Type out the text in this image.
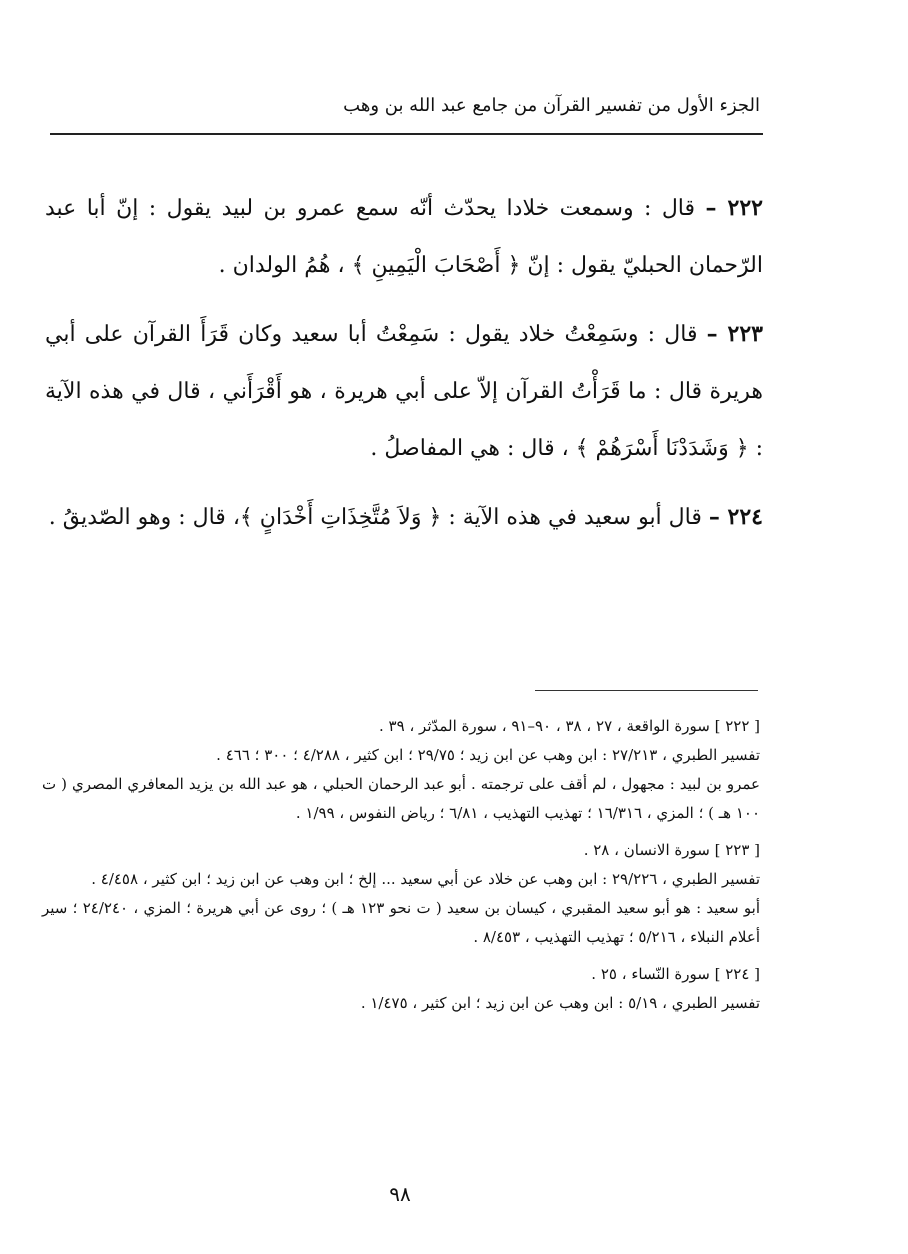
الجزء الأول من تفسير القرآن من جامع عبد الله بن وهب

٢٢٢ – قال : وسمعت خلادا يحدّث أنّه سمع عمرو بن لبيد يقول : إنّ أبا عبد الرّحمان الحبليّ يقول : إنّ ﴿ أَصْحَابَ الْيَمِينِ ﴾ ، هُمُ الولدان .

٢٢٣ – قال : وسَمِعْتُ خلاد يقول : سَمِعْتُ أبا سعيد وكان قَرَأَ القرآن على أبي هريرة قال : ما قَرَأْتُ القرآن إلاّ على أبي هريرة ، هو أَقْرَأَني ، قال في هذه الآية : ﴿ وَشَدَدْنَا أَسْرَهُمْ ﴾ ، قال : هي المفاصلُ .

٢٢٤ – قال أبو سعيد في هذه الآية : ﴿ وَلاَ مُتَّخِذَاتِ أَخْدَانٍ ﴾، قال : وهو الصّديقُ .

[ ٢٢٢ ] سورة الواقعة ، ٢٧ ، ٣٨ ، ٩٠–٩١ ، سورة المدّثر ، ٣٩ .

تفسير الطبري ، ٢٧/٢١٣ : ابن وهب عن ابن زيد ؛ ٢٩/٧٥ ؛ ابن كثير ، ٤/٢٨٨ ؛ ٣٠٠ ؛ ٤٦٦ .

عمرو بن لبيد : مجهول ، لم أقف على ترجمته . أبو عبد الرحمان الحبلي ، هو عبد الله بن يزيد المعافري المصري ( ت ١٠٠ هـ ) ؛ المزي ، ١٦/٣١٦ ؛ تهذيب التهذيب ، ٦/٨١ ؛ رياض النفوس ، ١/٩٩ .

[ ٢٢٣ ] سورة الانسان ، ٢٨ .

تفسير الطبري ، ٢٩/٢٢٦ : ابن وهب عن خلاد عن أبي سعيد ... إلخ ؛ ابن وهب عن ابن زيد ؛ ابن كثير ، ٤/٤٥٨ .

أبو سعيد : هو أبو سعيد المقبري ، كيسان بن سعيد ( ت نحو ١٢٣ هـ ) ؛ روى عن أبي هريرة ؛ المزي ، ٢٤/٢٤٠ ؛ سير أعلام النبلاء ، ٥/٢١٦ ؛ تهذيب التهذيب ، ٨/٤٥٣ .

[ ٢٢٤ ] سورة النّساء ، ٢٥ .

تفسير الطبري ، ٥/١٩ : ابن وهب عن ابن زيد ؛ ابن كثير ، ١/٤٧٥ .

٩٨
